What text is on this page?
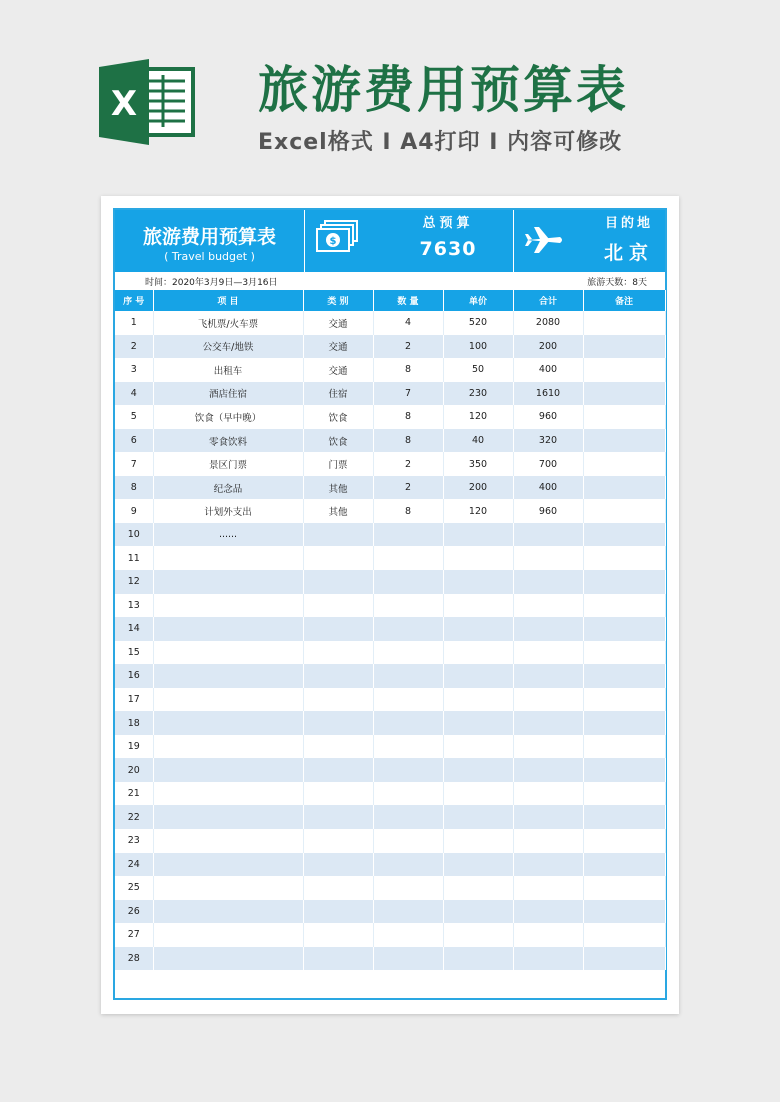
X 旅游费用预算表
Excel格式 I A4打印 I 内容可修改
旅游费用预算表
( Travel budget )
$
总预算
7630
目的地
北京
时间：2020年3月9日—3月16日	旅游天数：8天
序 号	项 目	类 别	数 量	单价	合计	备注
1	飞机票/火车票	交通	4	520	2080	
2	公交车/地铁	交通	2	100	200	
3	出租车	交通	8	50	400	
4	酒店住宿	住宿	7	230	1610	
5	饮食（早中晚）	饮食	8	120	960	
6	零食饮料	饮食	8	40	320	
7	景区门票	门票	2	350	700	
8	纪念品	其他	2	200	400	
9	计划外支出	其他	8	120	960	
10	......					
11						
12						
13						
14						
15						
16						
17						
18						
19						
20						
21						
22						
23						
24						
25						
26						
27						
28						
